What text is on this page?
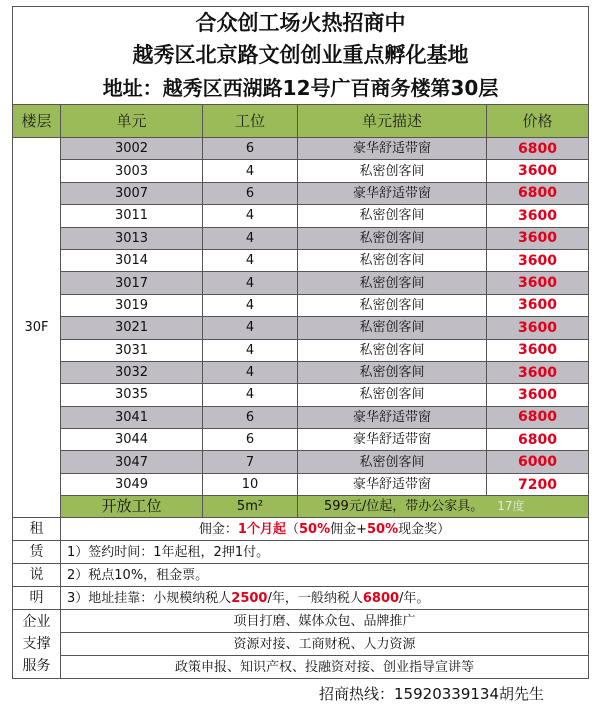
合众创工场火热招商中				
越秀区北京路文创创业重点孵化基地				
地址：越秀区西湖路12号广百商务楼第30层				
楼层	单元	工位	单元描述	价格
30F	3002	6	豪华舒适带窗	6800
	3003	4	私密创客间	3600
	3007	6	豪华舒适带窗	6800
	3011	4	私密创客间	3600
	3013	4	私密创客间	3600
	3014	4	私密创客间	3600
	3017	4	私密创客间	3600
	3019	4	私密创客间	3600
	3021	4	私密创客间	3600
	3031	4	私密创客间	3600
	3032	4	私密创客间	3600
	3035	4	私密创客间	3600
	3041	6	豪华舒适带窗	6800
	3044	6	豪华舒适带窗	6800
	3047	7	私密创客间	6000
	3049	10	豪华舒适带窗	7200
	开放工位	5m²	599元/位起，带办公家具。 17度	
租	佣金：1个月起（50%佣金+50%现金奖）			
赁	1）签约时间：1年起租，2押1付。			
说	2）税点10%，租金票。			
明	3）地址挂靠：小规模纳税人2500/年，一般纳税人6800/年。			
企业
支撑
服务	项目打磨、媒体众包、品牌推广			
	资源对接、工商财税、人力资源			
	政策申报、知识产权、投融资对接、创业指导宣讲等			
招商热线：15920339134胡先生
